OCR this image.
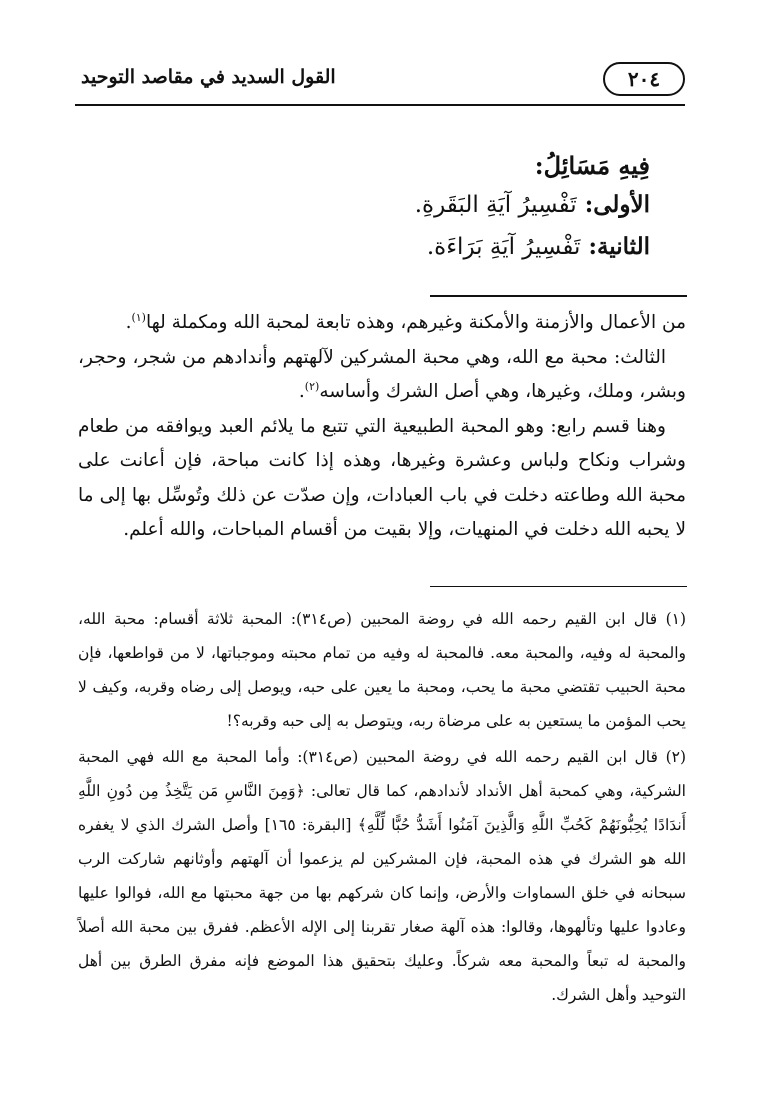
٢٠٤
القول السديد في مقاصد التوحيد
فِيهِ مَسَائِلُ:
الأولى: تَفْسِيرُ آيَةِ البَقَرةِ.
الثانية: تَفْسِيرُ آيَةِ بَرَاءَة.

من الأعمال والأزمنة والأمكنة وغيرهم، وهذه تابعة لمحبة الله ومكملة لها$^{(١)}$.

الثالث: محبة مع الله، وهي محبة المشركين لآلهتهم وأندادهم من شجر، وحجر، وبشر، وملك، وغيرها، وهي أصل الشرك وأساسه$^{(٢)}$.

وهنا قسم رابع: وهو المحبة الطبيعية التي تتبع ما يلائم العبد ويوافقه من طعام وشراب ونكاح ولباس وعشرة وغيرها، وهذه إذا كانت مباحة، فإن أعانت على محبة الله وطاعته دخلت في باب العبادات، وإن صدّت عن ذلك وتُوسِّل بها إلى ما لا يحبه الله دخلت في المنهيات، وإلا بقيت من أقسام المباحات، والله أعلم.

(١) قال ابن القيم رحمه الله في روضة المحبين (ص٣١٤): المحبة ثلاثة أقسام: محبة الله، والمحبة له وفيه، والمحبة معه. فالمحبة له وفيه من تمام محبته وموجباتها، لا من قواطعها، فإن محبة الحبيب تقتضي محبة ما يحب، ومحبة ما يعين على حبه، ويوصل إلى رضاه وقربه، وكيف لا يحب المؤمن ما يستعين به على مرضاة ربه، ويتوصل به إلى حبه وقربه؟!

(٢) قال ابن القيم رحمه الله في روضة المحبين (ص٣١٤): وأما المحبة مع الله فهي المحبة الشركية، وهي كمحبة أهل الأنداد لأندادهم، كما قال تعالى: ﴿وَمِنَ النَّاسِ مَن يَتَّخِذُ مِن دُونِ اللَّهِ أَندَادًا يُحِبُّونَهُمْ كَحُبِّ اللَّهِ وَالَّذِينَ آمَنُوا أَشَدُّ حُبًّا لِّلَّهِ﴾ [البقرة: ١٦٥] وأصل الشرك الذي لا يغفره الله هو الشرك في هذه المحبة، فإن المشركين لم يزعموا أن آلهتهم وأوثانهم شاركت الرب سبحانه في خلق السماوات والأرض، وإنما كان شركهم بها من جهة محبتها مع الله، فوالوا عليها وعادوا عليها وتألهوها، وقالوا: هذه آلهة صغار تقربنا إلى الإله الأعظم. ففرق بين محبة الله أصلاً والمحبة له تبعاً والمحبة معه شركاً. وعليك بتحقيق هذا الموضع فإنه مفرق الطرق بين أهل التوحيد وأهل الشرك.
